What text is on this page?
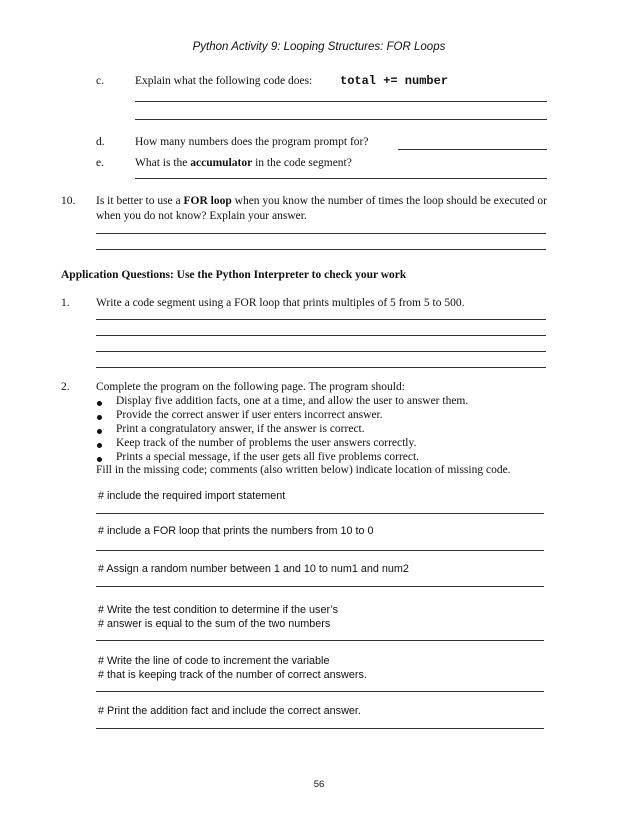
Python Activity 9: Looping Structures: FOR Loops
c.	Explain what the following code does: total += number
d.	How many numbers does the program prompt for?
e.	What is the accumulator in the code segment?
10. Is it better to use a FOR loop when you know the number of times the loop should be executed or
when you do not know? Explain your answer.
Application Questions: Use the Python Interpreter to check your work
1. Write a code segment using a FOR loop that prints multiples of 5 from 5 to 500.
2. Complete the program on the following page. The program should:
Display five addition facts, one at a time, and allow the user to answer them.
Provide the correct answer if user enters incorrect answer.
Print a congratulatory answer, if the answer is correct.
Keep track of the number of problems the user answers correctly.
Prints a special message, if the user gets all five problems correct.
Fill in the missing code; comments (also written below) indicate location of missing code.
# include the required import statement
# include a FOR loop that prints the numbers from 10 to 0
# Assign a random number between 1 and 10 to num1 and num2
# Write the test condition to determine if the user’s
# answer is equal to the sum of the two numbers
# Write the line of code to increment the variable
# that is keeping track of the number of correct answers.
# Print the addition fact and include the correct answer.
56
